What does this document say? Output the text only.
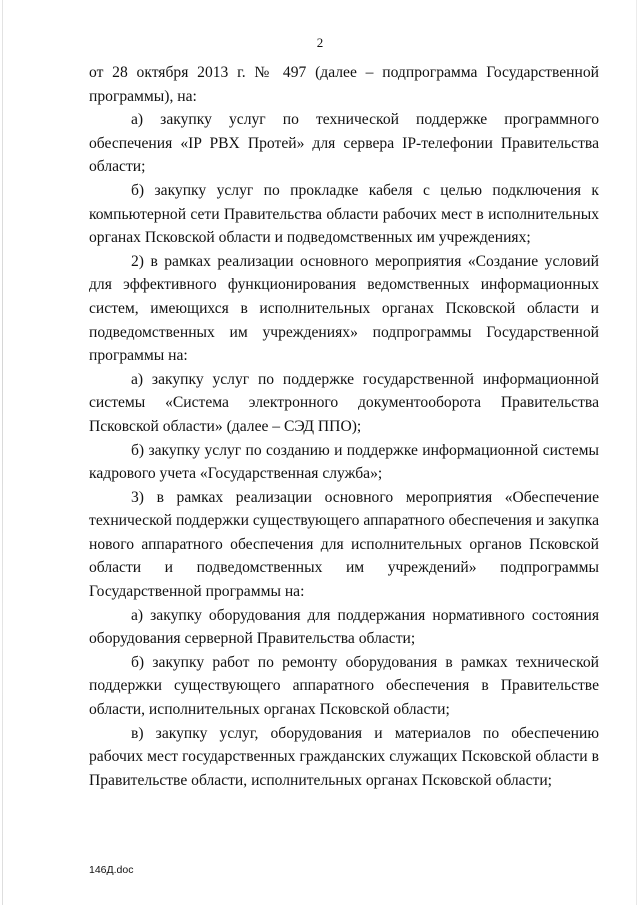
2

от 28 октября 2013 г. № 497 (далее – подпрограмма Государственной программы), на:

а) закупку услуг по технической поддержке программного обеспечения «IP PBX Протей» для сервера IP-телефонии Правительства области;

б) закупку услуг по прокладке кабеля с целью подключения к компьютерной сети Правительства области рабочих мест в исполнительных органах Псковской области и подведомственных им учреждениях;

2) в рамках реализации основного мероприятия «Создание условий для эффективного функционирования ведомственных информационных систем, имеющихся в исполнительных органах Псковской области и подведомственных им учреждениях» подпрограммы Государственной программы на:

а) закупку услуг по поддержке государственной информационной системы «Система электронного документооборота Правительства Псковской области» (далее – СЭД ППО);

б) закупку услуг по созданию и поддержке информационной системы кадрового учета «Государственная служба»;

3) в рамках реализации основного мероприятия «Обеспечение технической поддержки существующего аппаратного обеспечения и закупка нового аппаратного обеспечения для исполнительных органов Псковской области и подведомственных им учреждений» подпрограммы Государственной программы на:

а) закупку оборудования для поддержания нормативного состояния оборудования серверной Правительства области;

б) закупку работ по ремонту оборудования в рамках технической поддержки существующего аппаратного обеспечения в Правительстве области, исполнительных органах Псковской области;

в) закупку услуг, оборудования и материалов по обеспечению рабочих мест государственных гражданских служащих Псковской области в Правительстве области, исполнительных органах Псковской области;

146Д.doc
